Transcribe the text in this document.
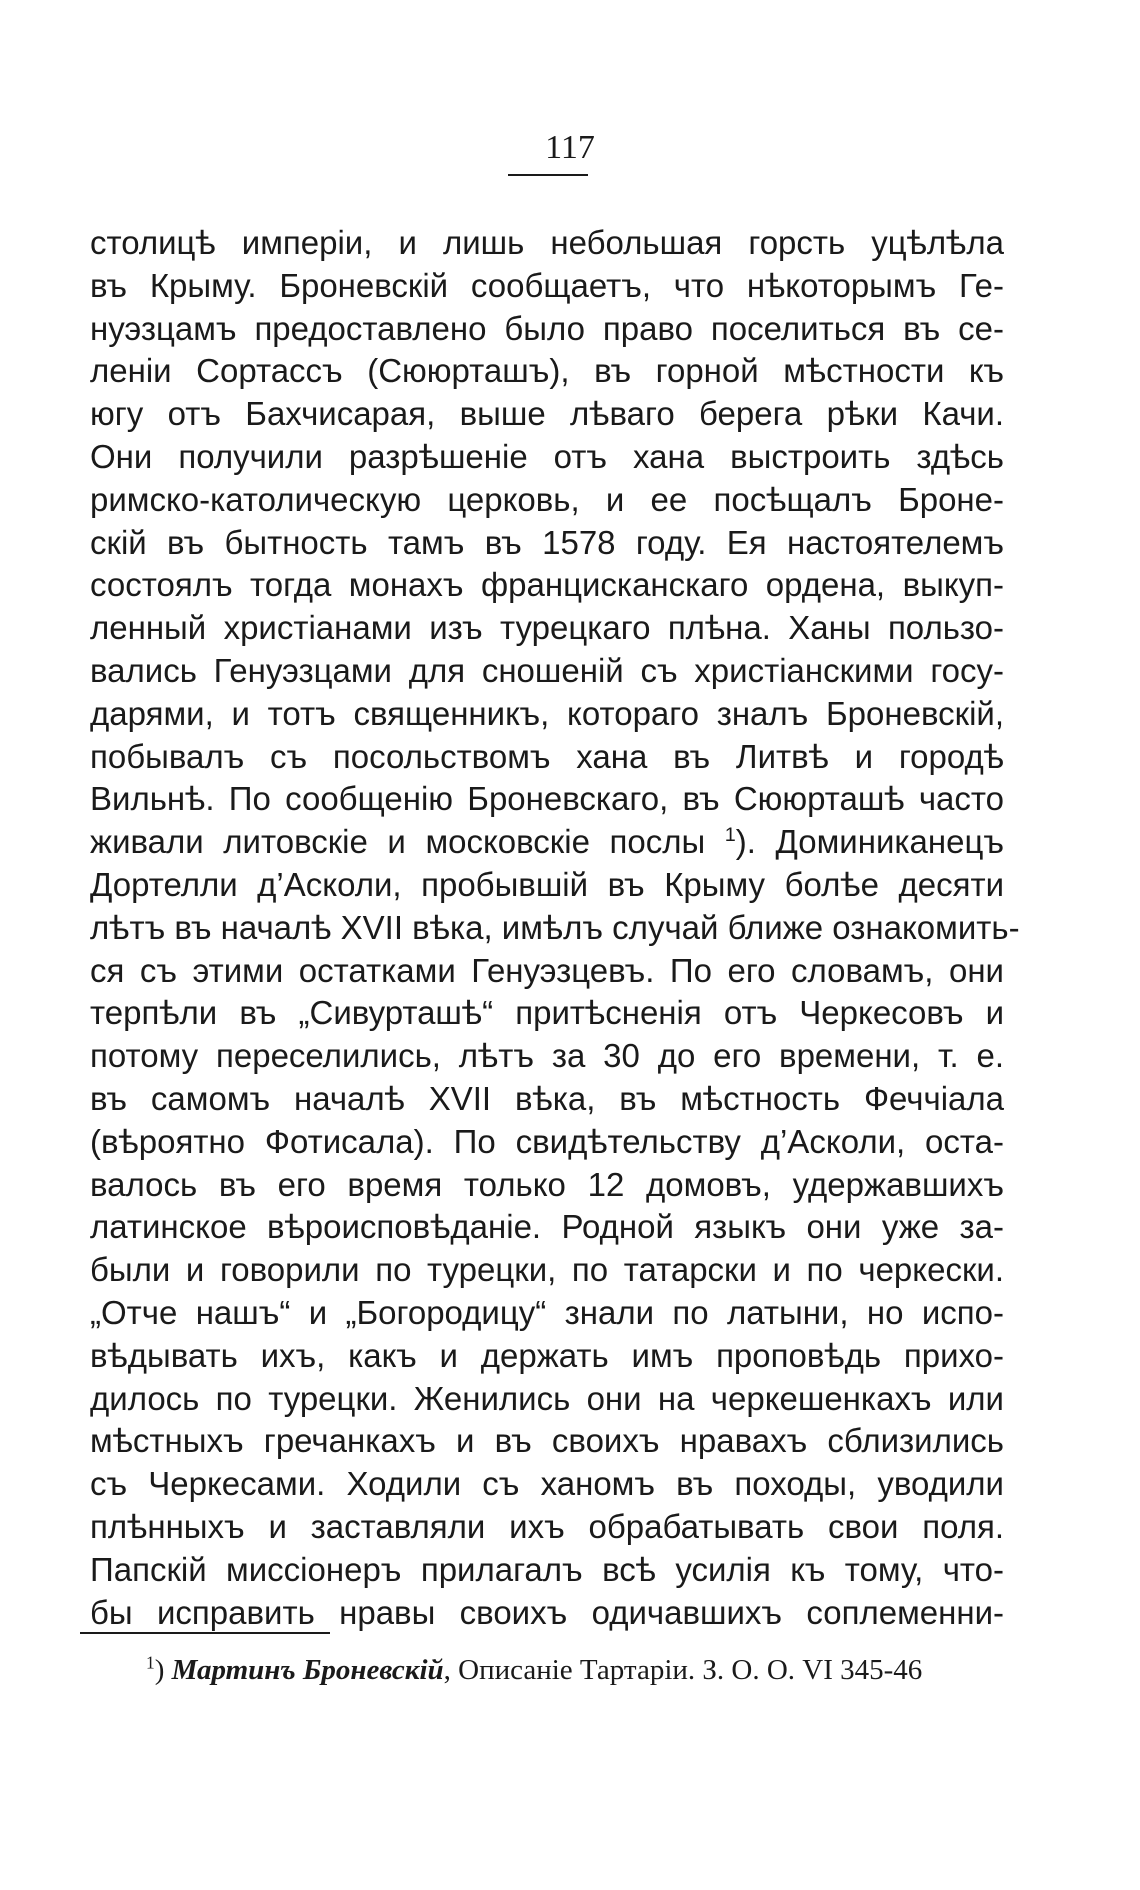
117
столицѣ имперіи, и лишь небольшая горсть уцѣлѣла
въ Крыму. Броневскій сообщаетъ, что нѣкоторымъ Ге-
нуэзцамъ предоставлено было право поселиться въ се-
леніи Сортассъ (Сююрташъ), въ горной мѣстности къ
югу отъ Бахчисарая, выше лѣваго берега рѣки Качи.
Они получили разрѣшеніе отъ хана выстроить здѣсь
римско-католическую церковь, и ее посѣщалъ Броне-
скій въ бытность тамъ въ 1578 году. Ея настоятелемъ
состоялъ тогда монахъ францисканскаго ордена, выкуп-
ленный христіанами изъ турецкаго плѣна. Ханы пользо-
вались Генуэзцами для сношеній съ христіанскими госу-
дарями, и тотъ священникъ, котораго зналъ Броневскій,
побывалъ съ посольствомъ хана въ Литвѣ и городѣ
Вильнѣ. По сообщенію Броневскаго, въ Сююрташѣ часто
живали литовскіе и московскіе послы $^1$). Доминиканецъ
Дортелли д’Асколи, пробывшій въ Крыму болѣе десяти
лѣтъ въ началѣ XVII вѣка, имѣлъ случай ближе ознакомить-
ся съ этими остатками Генуэзцевъ. По его словамъ, они
терпѣли въ „Сивурташѣ“ притѣсненія отъ Черкесовъ и
потому переселились, лѣтъ за 30 до его времени, т. е.
въ самомъ началѣ XVII вѣка, въ мѣстность Феччіала
(вѣроятно Фотисала). По свидѣтельству д’Асколи, оста-
валось въ его время только 12 домовъ, удержавшихъ
латинское вѣроисповѣданіе. Родной языкъ они уже за-
были и говорили по турецки, по татарски и по черкески.
„Отче нашъ“ и „Богородицу“ знали по латыни, но испо-
вѣдывать ихъ, какъ и держать имъ проповѣдь прихо-
дилось по турецки. Женились они на черкешенкахъ или
мѣстныхъ гречанкахъ и въ своихъ нравахъ сблизились
съ Черкесами. Ходили съ ханомъ въ походы, уводили
плѣнныхъ и заставляли ихъ обрабатывать свои поля.
Папскій миссіонеръ прилагалъ всѣ усилія къ тому, что-
бы исправить нравы своихъ одичавшихъ соплеменни-
$^1$) Мартинъ Броневскій, Описаніе Тартаріи. З. О. О. VI 345-46
